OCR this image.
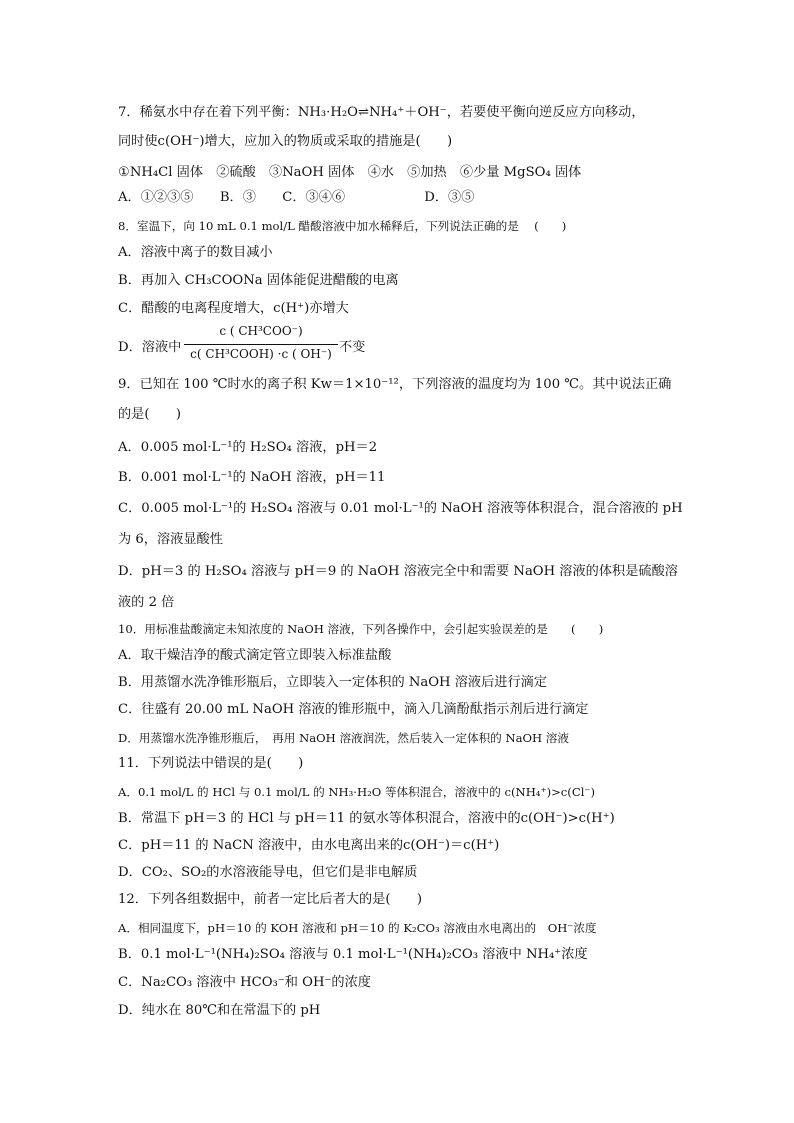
7．稀氨水中存在着下列平衡：NH₃·H₂O⇌NH₄⁺＋OH⁻，若要使平衡向逆反应方向移动，
同时使c(OH⁻)增大，应加入的物质或采取的措施是(　　)
①NH₄Cl 固体　②硫酸　③NaOH 固体　④水　⑤加热　⑥少量 MgSO₄ 固体
A．①②③⑤　　B．③　　C．③④⑥　　　　　　D．③⑤
8．室温下，向 10 mL 0.1 mol/L 醋酸溶液中加水稀释后，下列说法正确的是　 (　　)
A．溶液中离子的数目减小
B．再加入 CH₃COONa 固体能促进醋酸的电离
C．醋酸的电离程度增大，c(H⁺)亦增大
D．溶液中
c ( CH³COO⁻)
c( CH³COOH) ·c ( OH⁻) 不变
9．已知在 100 ℃时水的离子积 Kw＝1×10⁻¹²，下列溶液的温度均为 100 ℃。其中说法正确
的是(　　)
A．0.005 mol·L⁻¹的 H₂SO₄ 溶液，pH＝2
B．0.001 mol·L⁻¹的 NaOH 溶液，pH＝11
C．0.005 mol·L⁻¹的 H₂SO₄ 溶液与 0.01 mol·L⁻¹的 NaOH 溶液等体积混合，混合溶液的 pH
为 6，溶液显酸性
D．pH＝3 的 H₂SO₄ 溶液与 pH＝9 的 NaOH 溶液完全中和需要 NaOH 溶液的体积是硫酸溶
液的 2 倍
10．用标准盐酸滴定未知浓度的 NaOH 溶液，下列各操作中，会引起实验误差的是　　(　　)
A．取干燥洁净的酸式滴定管立即装入标准盐酸
B．用蒸馏水洗净锥形瓶后，立即装入一定体积的 NaOH 溶液后进行滴定
C．往盛有 20.00 mL NaOH 溶液的锥形瓶中，滴入几滴酚酞指示剂后进行滴定
D．用蒸馏水洗净锥形瓶后，　再用 NaOH 溶液润洗，然后装入一定体积的 NaOH 溶液
11．下列说法中错误的是(　　)
A．0.1 mol/L 的 HCl 与 0.1 mol/L 的 NH₃·H₂O 等体积混合，溶液中的 c(NH₄⁺)>c(Cl⁻)
B．常温下 pH＝3 的 HCl 与 pH＝11 的氨水等体积混合，溶液中的c(OH⁻)>c(H⁺)
C．pH＝11 的 NaCN 溶液中，由水电离出来的c(OH⁻)＝c(H⁺)
D．CO₂、SO₂的水溶液能导电，但它们是非电解质
12．下列各组数据中，前者一定比后者大的是(　　)
A．相同温度下，pH＝10 的 KOH 溶液和 pH＝10 的 K₂CO₃ 溶液由水电离出的　OH⁻浓度
B．0.1 mol·L⁻¹(NH₄)₂SO₄ 溶液与 0.1 mol·L⁻¹(NH₄)₂CO₃ 溶液中 NH₄⁺浓度
C．Na₂CO₃ 溶液中 HCO₃⁻和 OH⁻的浓度
D．纯水在 80℃和在常温下的 pH
